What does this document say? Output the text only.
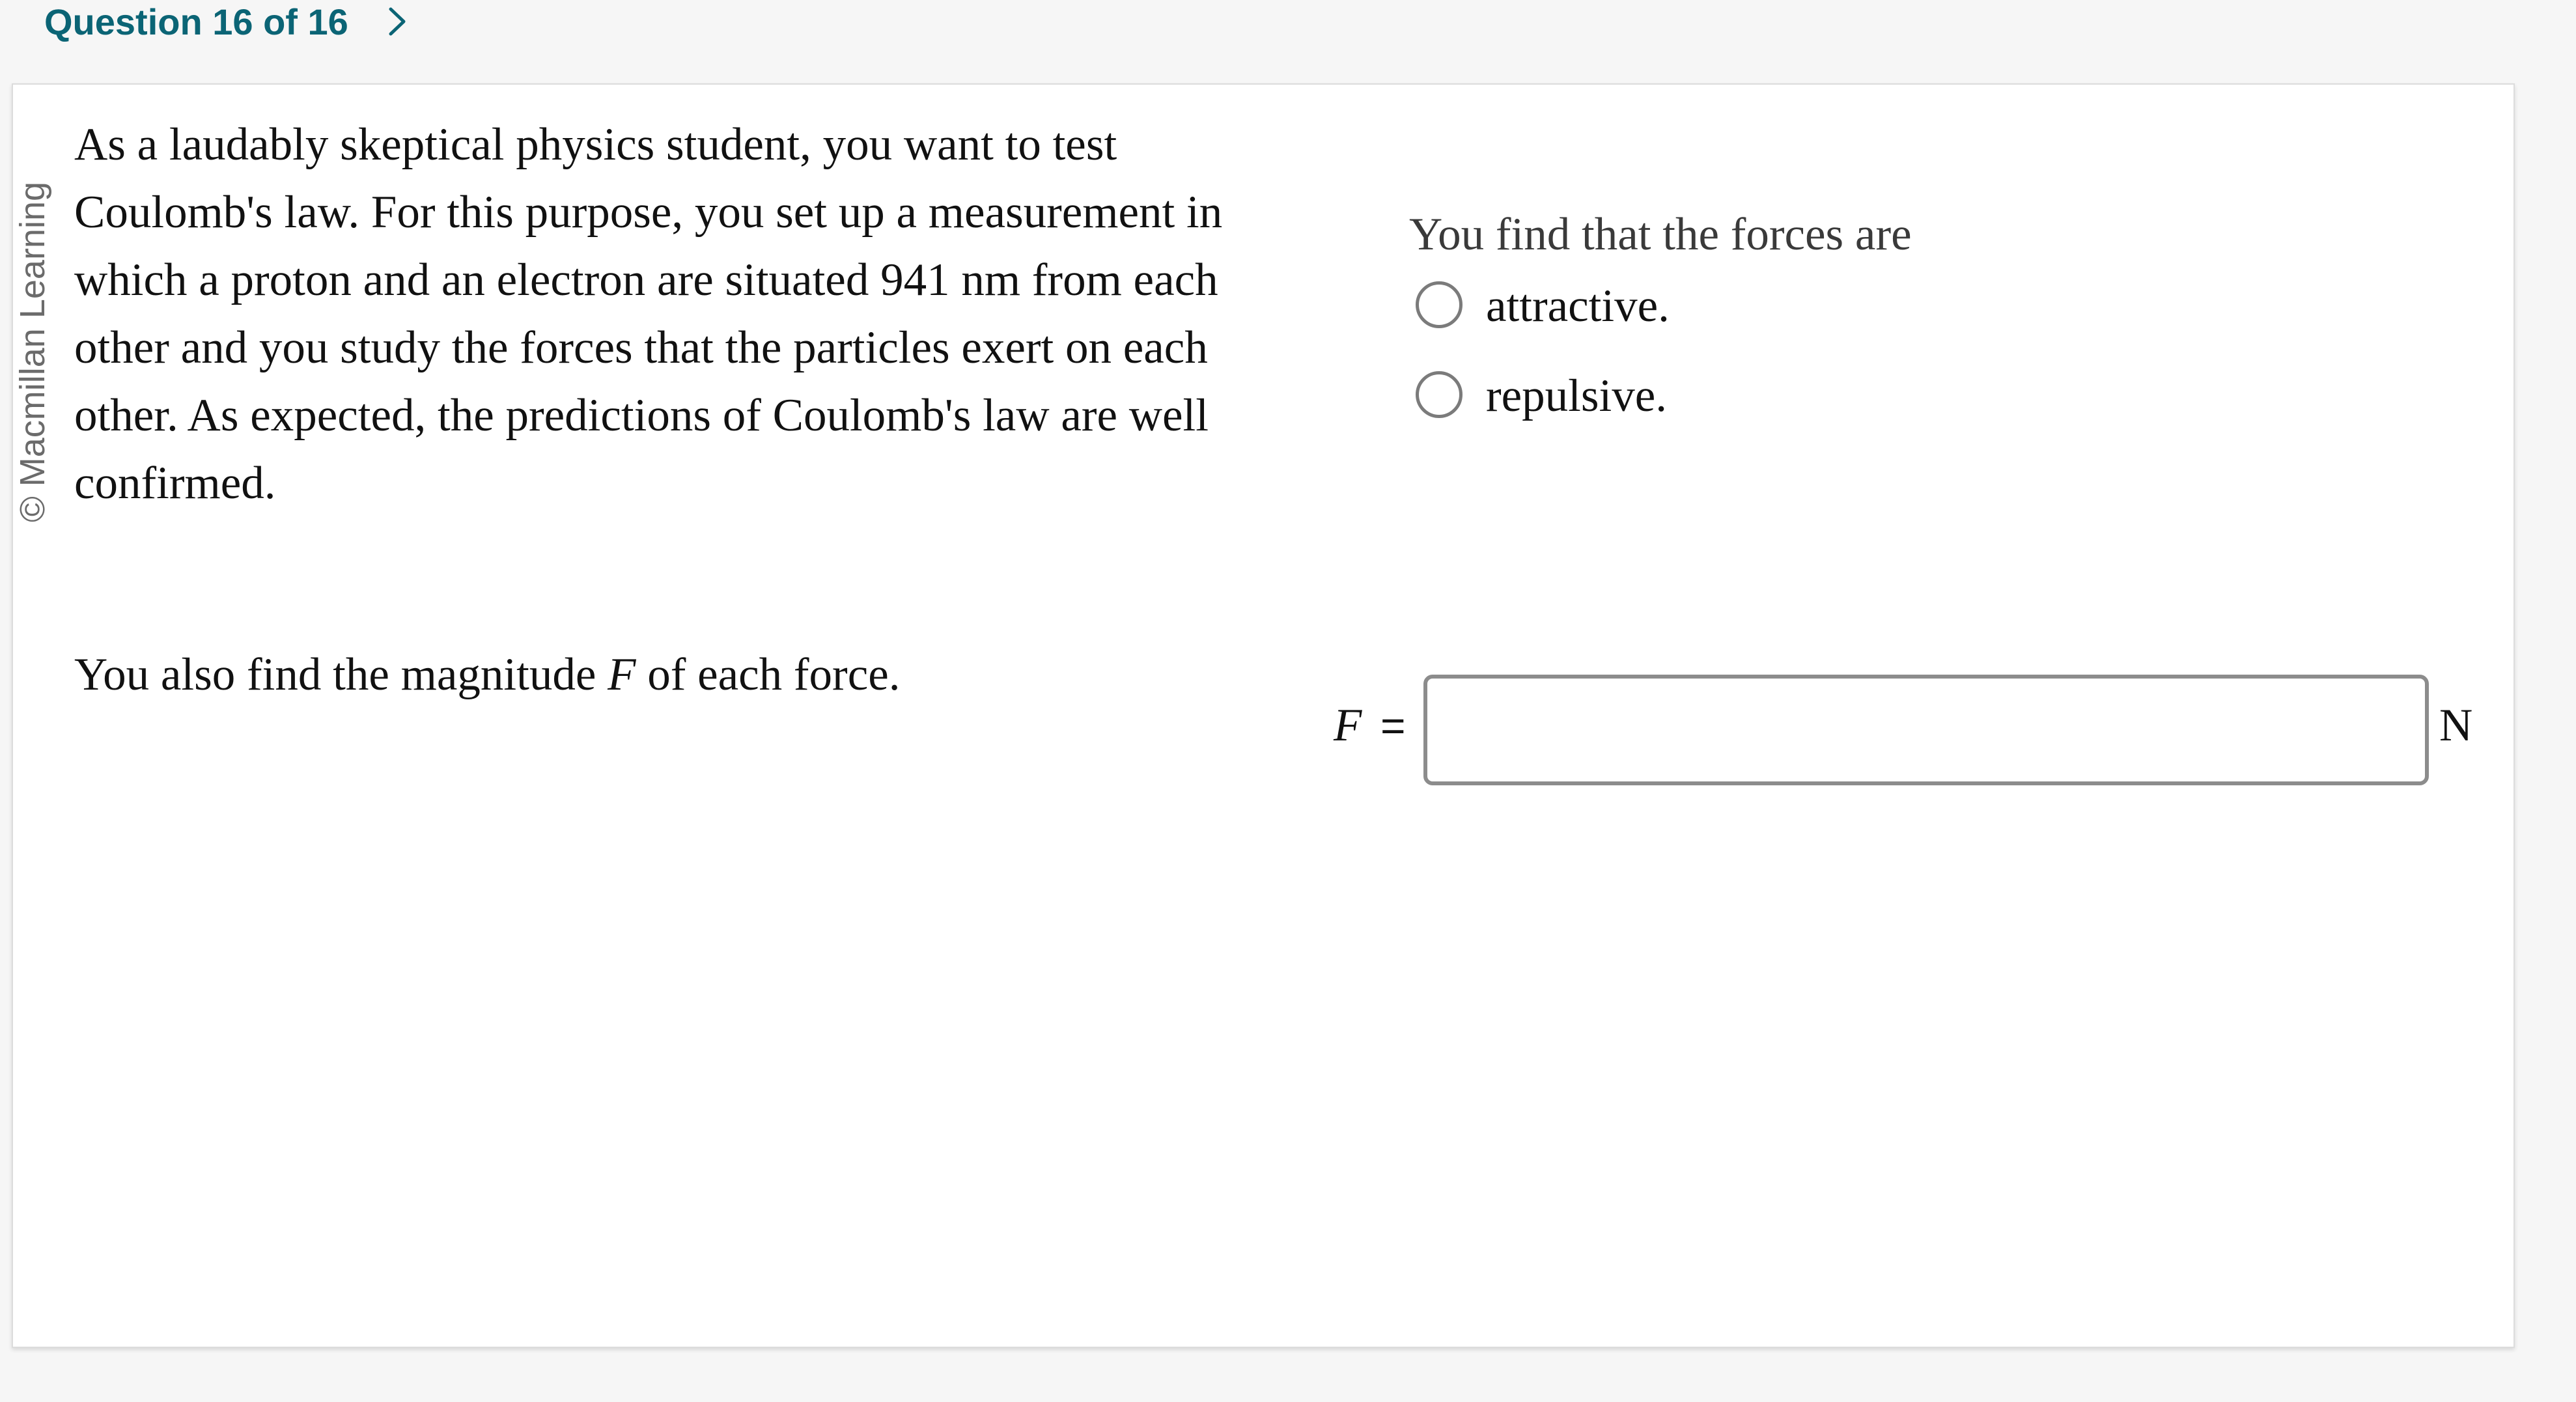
Question 16 of 16
© Macmillan Learning
As a laudably skeptical physics student, you want to test Coulomb's law. For this purpose, you set up a measurement in which a proton and an electron are situated 941 nm from each other and you study the forces that the particles exert on each other. As expected, the predictions of Coulomb's law are well confirmed.
You also find the magnitude F of each force.
You find that the forces are
attractive.
repulsive.
F =	N
